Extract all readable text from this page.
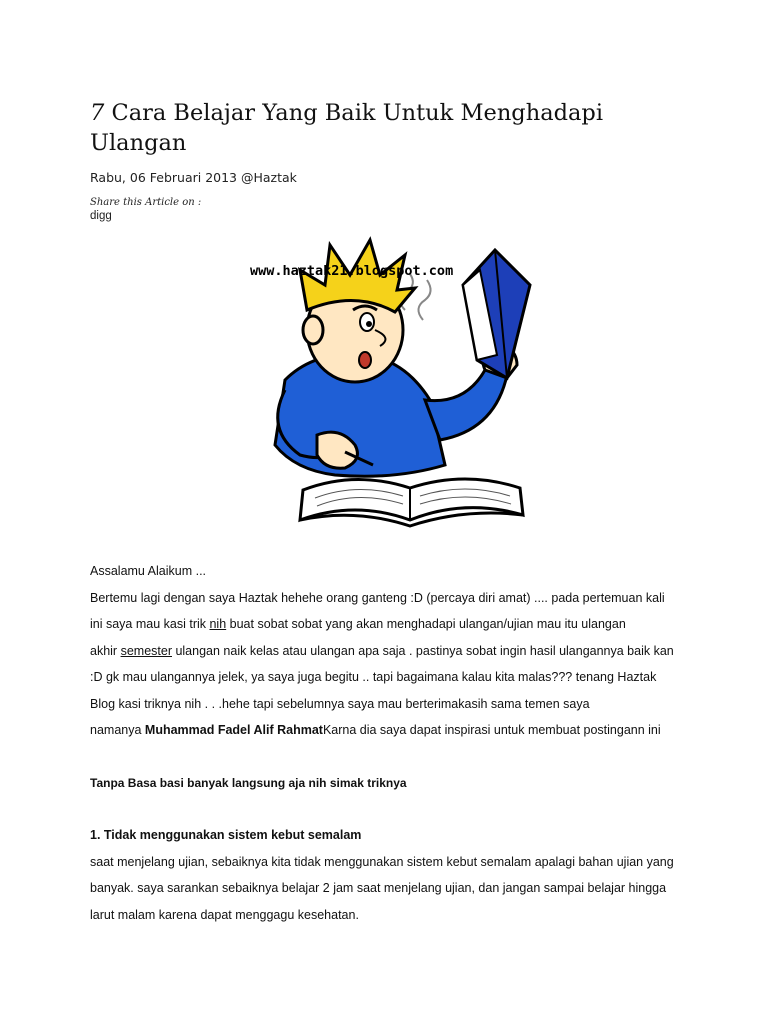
7 Cara Belajar Yang Baik Untuk Menghadapi
Ulangan
Rabu, 06 Februari 2013 @Haztak
Share this Article on :
digg
www.haztak21.blogspot.com
Assalamu Alaikum ...
Bertemu lagi dengan saya Haztak hehehe orang ganteng :D (percaya diri amat) .... pada pertemuan kali
ini saya mau kasi trik nih buat sobat sobat yang akan menghadapi ulangan/ujian mau itu ulangan
akhir semester ulangan naik kelas atau ulangan apa saja . pastinya sobat ingin hasil ulangannya baik kan
:D gk mau ulangannya jelek, ya saya juga begitu .. tapi bagaimana kalau kita malas??? tenang Haztak
Blog kasi triknya nih . . .hehe tapi sebelumnya saya mau berterimakasih sama temen saya
namanya Muhammad Fadel Alif RahmatKarna dia saya dapat inspirasi untuk membuat postingann ini
Tanpa Basa basi banyak langsung aja nih simak triknya
1. Tidak menggunakan sistem kebut semalam
saat menjelang ujian, sebaiknya kita tidak menggunakan sistem kebut semalam apalagi bahan ujian yang
banyak. saya sarankan sebaiknya belajar 2 jam saat menjelang ujian, dan jangan sampai belajar hingga
larut malam karena dapat menggagu kesehatan.
